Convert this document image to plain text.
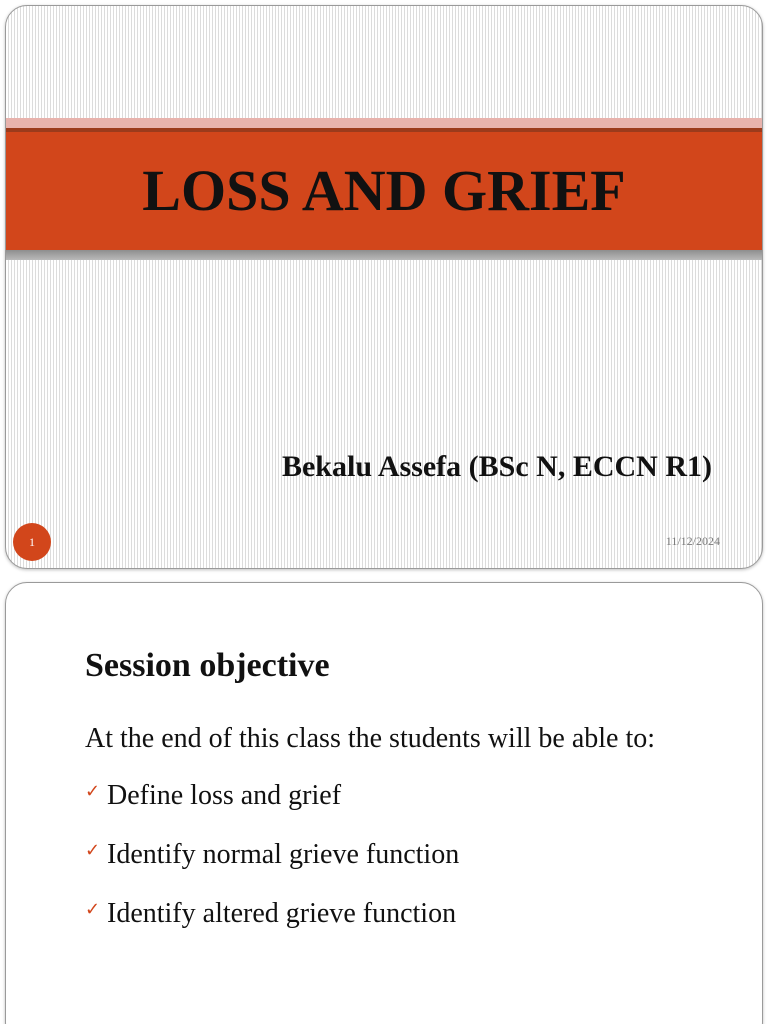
LOSS AND GRIEF
Bekalu Assefa (BSc N, ECCN R1)
1	11/12/2024
Session objective

At the end of this class the students will be able to:

✓ Define loss and grief
✓ Identify normal grieve function
✓ Identify altered grieve function
